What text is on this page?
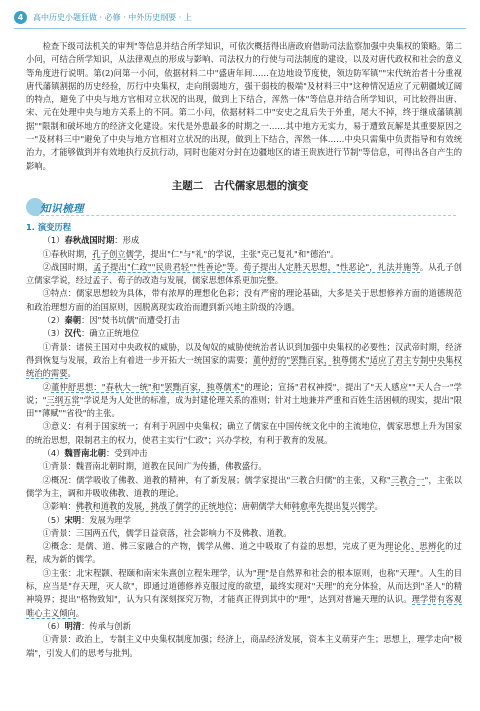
4	高中历史小题狂做 · 必修 · 中外历史纲要 · 上

检查下级司法机关的审判"等信息并结合所学知识，可依次概括得出唐政府借助司法监察加强中央集权的策略。第二小问，可结合所学知识，从法律观点的形成与影响、司法权力的行使与司法制度的建设，以及对唐代政权和社会的意义等角度进行说明。第(2)问第一小问，依据材料二中"盛唐年间……在边地设节度使，领边防军镇""宋代统治者十分重视唐代藩镇割据的历史经验，厉行中央集权，走向削弱地方，强干弱枝的极端"及材料三中"这种情况适应了元朝疆域辽阔的特点，避免了中央与地方官相对立状况的出现，做到上下结合，浑然一体"等信息并结合所学知识，可比较得出唐、宋、元在处理中央与地方关系上的不同。第二小问，依据材料二中"安史之乱后失于外重，尾大不掉，终于继成藩镇割据""限制和破坏地方的经济文化建设。宋代是外患最多的时期之一……其中地方无实力，易于遭致瓦解是其重要原因之一"及材料三中"避免了中央与地方官相对立状况的出现，做到上下结合，浑然一体……中央只需集中负责指导和有效统治力，才能够做到并有效地执行反抗行动，同时也能对分封在边疆地区的诸王贵族进行节制"等信息，可得出各自产生的影响。

主题二　古代儒家思想的演变
知识梳理
1. 演变历程

（1）春秋战国时期：形成

①春秋时期，孔子创立儒学，提出"仁"与"礼"的学说，主张"克己复礼"和"德治"。

②战国时期，孟子提出"仁政""民贵君轻""性善论"等。荀子提出人定胜天思想，"性恶论"，礼法并施等。从孔子创立儒家学说，经过孟子、荀子的改造与发展，儒家思想体系更加完整。

③特点：儒家思想较为具体，带有浓厚的理想化色彩；没有严密的理论基础，大多是关于思想修养方面的道德规范和政治理想方面的治国原则，因脱离现实政治而遭到新兴地主阶级的冷遇。

（2）秦朝：因"焚书坑儒"而遭受打击

（3）汉代：确立正统地位

①背景：诸侯王国对中央政权的威胁，以及匈奴的威胁使统治者认识到加强中央集权的必要性；汉武帝时期，经济得到恢复与发展，政治上有着进一步开拓大一统国家的需要；董仲舒的"罢黜百家，独尊儒术"适应了君主专制中央集权统治的需要。

②董仲舒思想："春秋大一统"和"罢黜百家，独尊儒术"的理论；宣扬"君权神授"，提出了"天人感应""天人合一"学说；"三纲五常"学说是为人处世的标准，成为封建伦理关系的准则；针对土地兼并严重和百姓生活困顿的现实，提出"限田""薄赋""省役"的主张。

③意义：有利于国家统一；有利于巩固中央集权；确立了儒家在中国传统文化中的主流地位，儒家思想上升为国家的统治思想，限制君主的权力，使君主实行"仁政"；兴办学校，有利于教育的发展。

（4）魏晋南北朝：受到冲击

①背景：魏晋南北朝时期，道教在民间广为传播，佛教盛行。

②概况：儒学吸收了佛教、道教的精神，有了新发展；儒学家提出"三教合归儒"的主张，又称"三教合一"，主张以儒学为主，调和并吸收佛教、道教的理论。

③影响：佛教和道教的发展，挑战了儒学的正统地位；唐朝儒学大师韩愈率先提出复兴儒学。

（5）宋明：发展为理学

①背景：三国两五代，儒学日益衰落，社会影响力不及佛教、道教。

②概念：是儒、道、佛三家融合的产物，儒学从佛、道之中吸取了有益的思想，完成了更为理论化、思辨化的过程，成为新的儒学。

③主张：北宋程颢、程颐和南宋朱熹创立程朱理学，认为"理"是自然界和社会的根本原则，也称"天理"。人生的目标，应当是"存天理，灭人欲"，即通过道德修养克服过度的欲望，最终实现对"天理"的充分体验，从而达到"圣人"的精神境界；提出"格物致知"，认为只有深刻探究万物，才能真正得到其中的"理"，达到对普遍天理的认识。理学带有客观唯心主义倾向。

（6）明清：传承与创新

①背景：政治上，专制主义中央集权制度加强；经济上，商品经济发展，资本主义萌芽产生；思想上，理学走向"极端"，引发人们的思考与批判。
